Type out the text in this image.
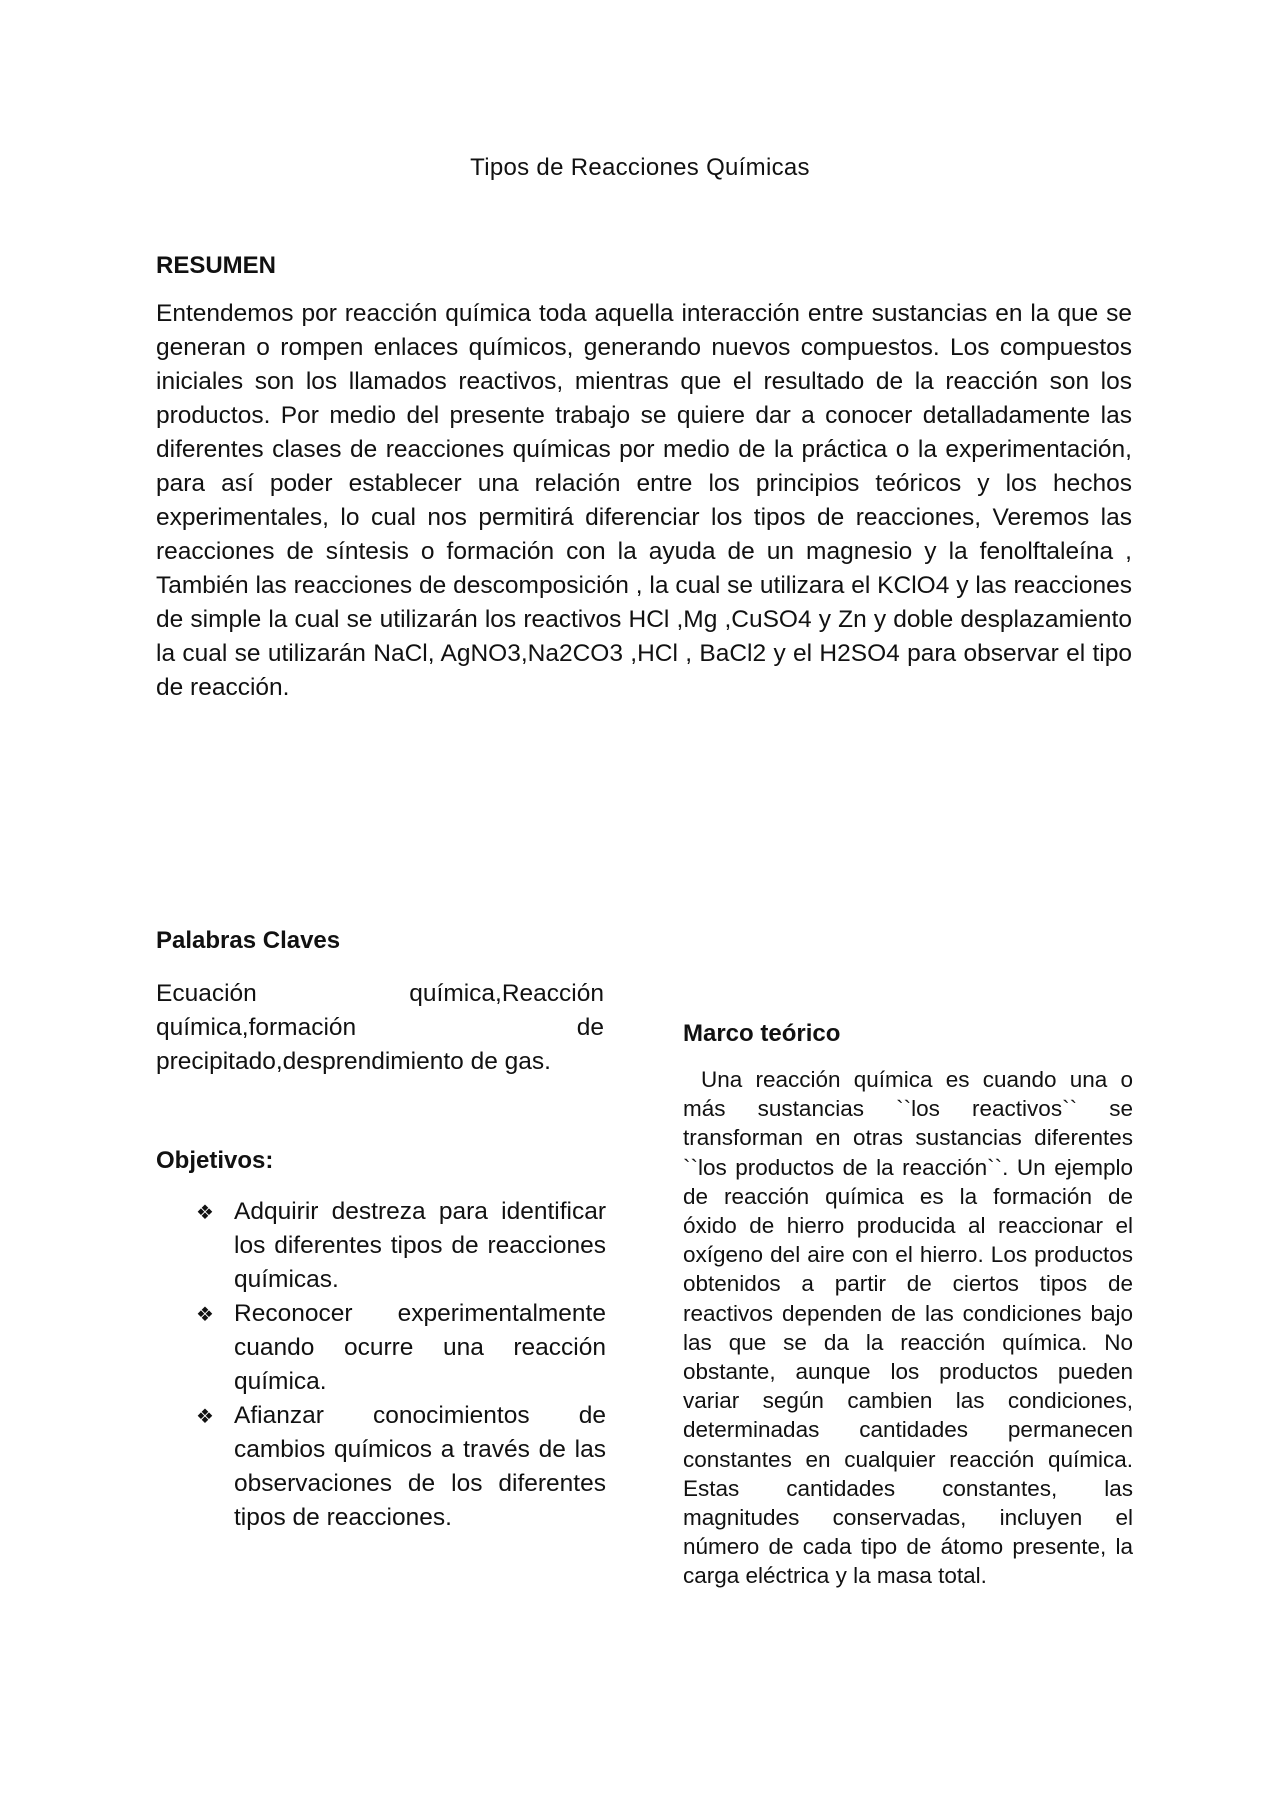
Tipos de Reacciones Químicas
RESUMEN

Entendemos por reacción química toda aquella interacción entre sustancias en la que se generan o rompen enlaces químicos, generando nuevos compuestos. Los compuestos iniciales son los llamados reactivos, mientras que el resultado de la reacción son los productos. Por medio del presente trabajo se quiere dar a conocer detalladamente las diferentes clases de reacciones químicas por medio de la práctica o la experimentación, para así poder establecer una relación entre los principios teóricos y los hechos experimentales, lo cual nos permitirá diferenciar los tipos de reacciones, Veremos las reacciones de síntesis o formación con la ayuda de un magnesio y la fenolftaleína , También las reacciones de descomposición , la cual se utilizara el KClO4 y las reacciones de simple la cual se utilizarán los reactivos HCl ,Mg ,CuSO4 y Zn y doble desplazamiento la cual se utilizarán NaCl, AgNO3,Na2CO3 ,HCl , BaCl2 y el H2SO4 para observar el tipo de reacción.

Palabras Claves

Ecuación química,Reacción química,formación de precipitado,desprendimiento de gas.

Objetivos:
❖ Adquirir destreza para identificar los diferentes tipos de reacciones químicas.
❖ Reconocer experimentalmente cuando ocurre una reacción química.
❖ Afianzar conocimientos de cambios químicos a través de las observaciones de los diferentes tipos de reacciones.
Marco teórico

Una reacción química es cuando una o más sustancias ``los reactivos`` se transforman en otras sustancias diferentes ``los productos de la reacción``. Un ejemplo de reacción química es la formación de óxido de hierro producida al reaccionar el oxígeno del aire con el hierro. Los productos obtenidos a partir de ciertos tipos de reactivos dependen de las condiciones bajo las que se da la reacción química. No obstante, aunque los productos pueden variar según cambien las condiciones, determinadas cantidades permanecen constantes en cualquier reacción química. Estas cantidades constantes, las magnitudes conservadas, incluyen el número de cada tipo de átomo presente, la carga eléctrica y la masa total.
